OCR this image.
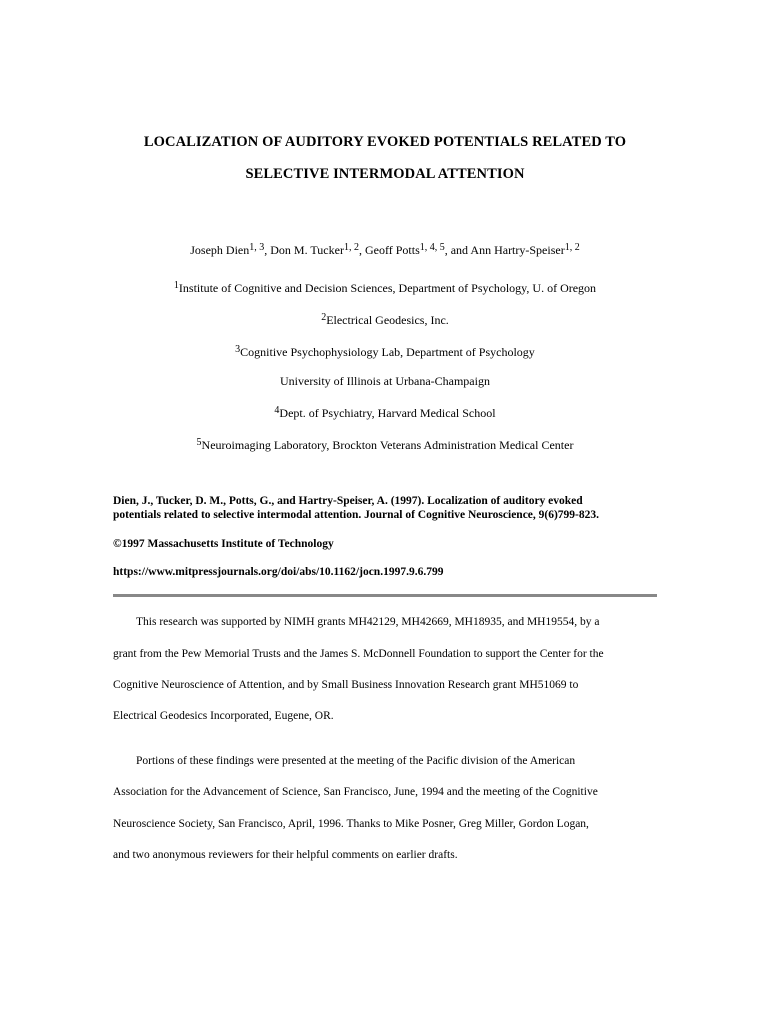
LOCALIZATION OF AUDITORY EVOKED POTENTIALS RELATED TO
SELECTIVE INTERMODAL ATTENTION
Joseph Dien$^{1, 3}$, Don M. Tucker$^{1, 2}$, Geoff Potts$^{1, 4, 5}$, and Ann Hartry-Speiser$^{1, 2}$
$^1$Institute of Cognitive and Decision Sciences, Department of Psychology, U. of Oregon
$^2$Electrical Geodesics, Inc.
$^3$Cognitive Psychophysiology Lab, Department of Psychology
University of Illinois at Urbana-Champaign
$^4$Dept. of Psychiatry, Harvard Medical School
$^5$Neuroimaging Laboratory, Brockton Veterans Administration Medical Center
Dien, J., Tucker, D. M., Potts, G., and Hartry-Speiser, A. (1997). Localization of auditory evoked
potentials related to selective intermodal attention. Journal of Cognitive Neuroscience, 9(6)799-823.
©1997 Massachusetts Institute of Technology
https://www.mitpressjournals.org/doi/abs/10.1162/jocn.1997.9.6.799
This research was supported by NIMH grants MH42129, MH42669, MH18935, and MH19554, by a
grant from the Pew Memorial Trusts and the James S. McDonnell Foundation to support the Center for the
Cognitive Neuroscience of Attention, and by Small Business Innovation Research grant MH51069 to
Electrical Geodesics Incorporated, Eugene, OR.
Portions of these findings were presented at the meeting of the Pacific division of the American
Association for the Advancement of Science, San Francisco, June, 1994 and the meeting of the Cognitive
Neuroscience Society, San Francisco, April, 1996. Thanks to Mike Posner, Greg Miller, Gordon Logan,
and two anonymous reviewers for their helpful comments on earlier drafts.
